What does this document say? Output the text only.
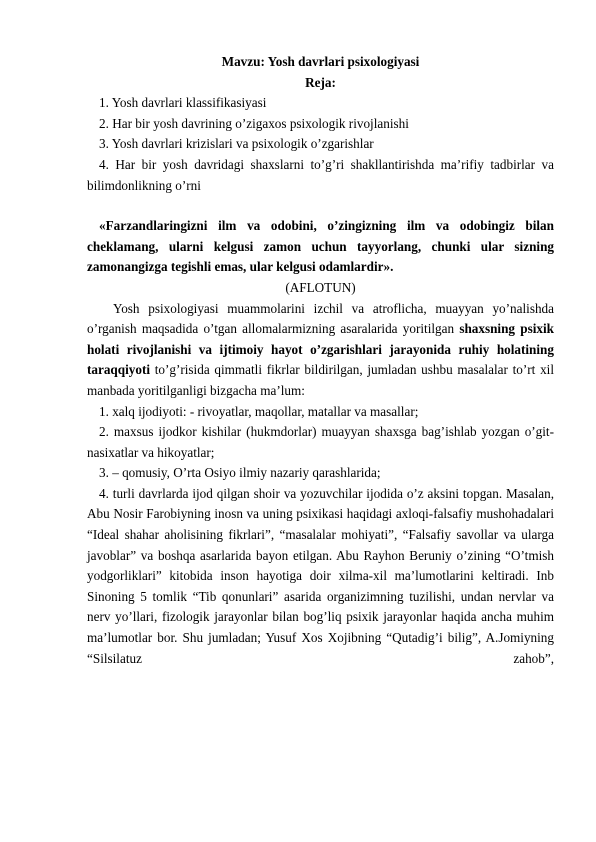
Mavzu: Yosh davrlari psixologiyasi

Reja:

1. Yosh davrlari klassifikasiyasi

2. Har bir yosh davrining o’zigaxos psixologik rivojlanishi

3. Yosh davrlari krizislari va psixologik o’zgarishlar

4. Har bir yosh davridagi shaxslarni to’g’ri shakllantirishda ma’rifiy tadbirlar va bilimdonlikning o’rni

«Farzandlaringizni ilm va odobini, o’zingizning ilm va odobingiz bilan cheklamang, ularni kelgusi zamon uchun tayyorlang, chunki ular sizning zamonangizga tegishli emas, ular kelgusi odamlardir».

(AFLOTUN)

Yosh psixologiyasi muammolarini izchil va atroflicha, muayyan yo’nalishda o’rganish maqsadida o’tgan allomalarmizning asaralarida yoritilgan shaxsning psixik holati rivojlanishi va ijtimoiy hayot o’zgarishlari jarayonida ruhiy holatining taraqqiyoti to’g’risida qimmatli fikrlar bildirilgan, jumladan ushbu masalalar to’rt xil manbada yoritilganligi bizgacha ma’lum:

1. xalq ijodiyoti: - rivoyatlar, maqollar, matallar va masallar;

2. maxsus ijodkor kishilar (hukmdorlar) muayyan shaxsga bag’ishlab yozgan o’git- nasixatlar va hikoyatlar;

3. – qomusiy, O’rta Osiyo ilmiy nazariy qarashlarida;

4. turli davrlarda ijod qilgan shoir va yozuvchilar ijodida o’z aksini topgan. Masalan, Abu Nosir Farobiyning inosn va uning psixikasi haqidagi axloqi-falsafiy mushohadalari “Ideal shahar aholisining fikrlari”, “masalalar mohiyati”, “Falsafiy savollar va ularga javoblar” va boshqa asarlarida bayon etilgan. Abu Rayhon Beruniy o’zining “O’tmish yodgorliklari” kitobida inson hayotiga doir xilma-xil ma’lumotlarini keltiradi. Inb Sinoning 5 tomlik “Tib qonunlari” asarida organizimning tuzilishi, undan nervlar va nerv yo’llari, fizologik jarayonlar bilan bog’liq psixik jarayonlar haqida ancha muhim ma’lumotlar bor. Shu jumladan; Yusuf Xos Xojibning “Qutadig’i bilig”, A.Jomiyning “Silsilatuz zahob”,
